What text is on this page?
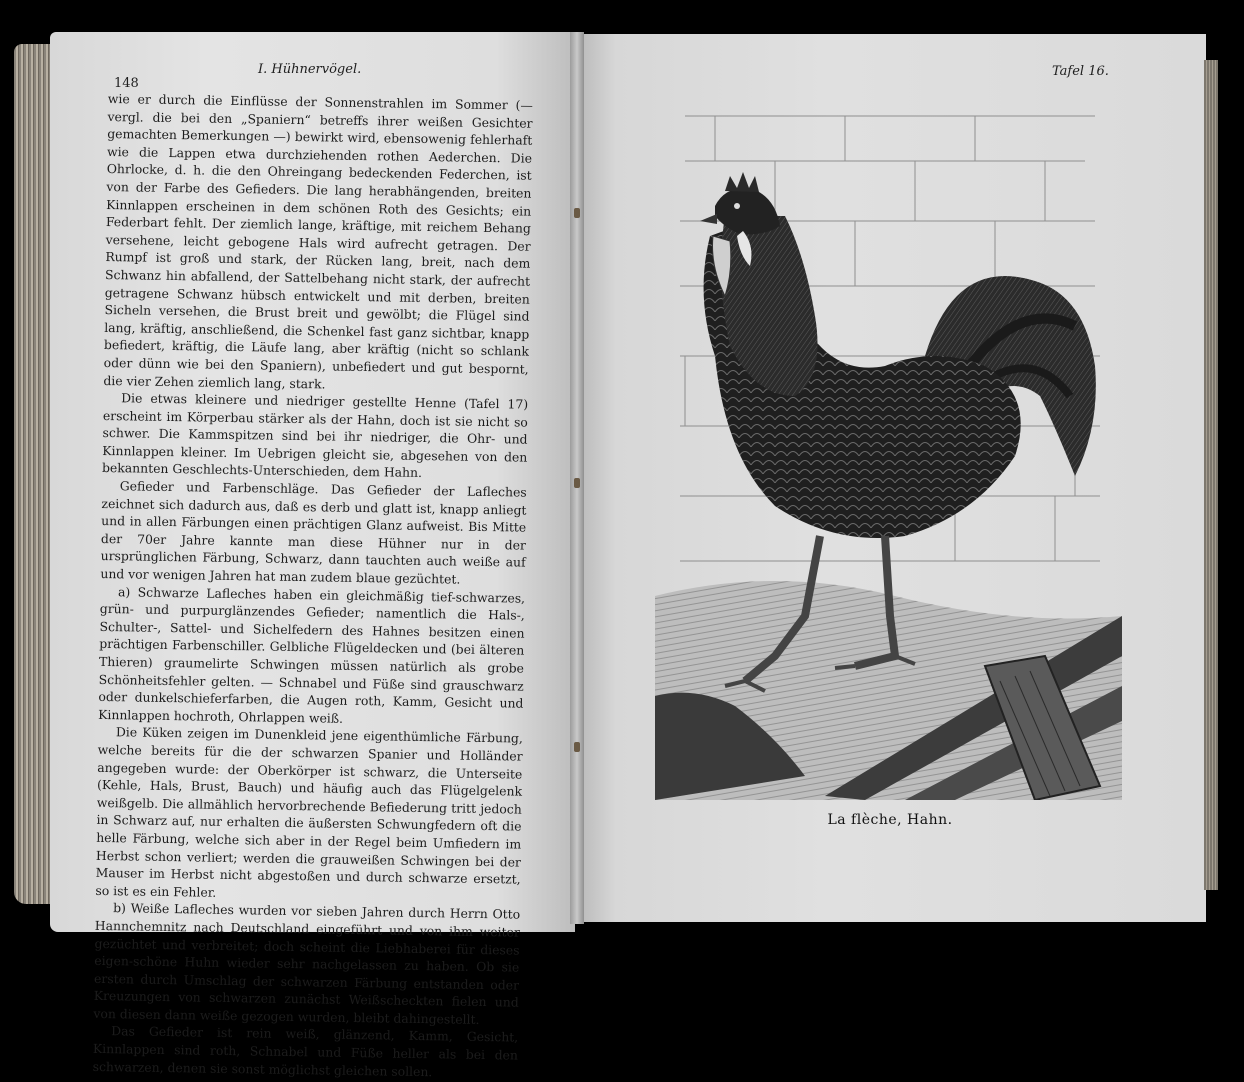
148
I. Hühnervögel.

wie er durch die Einflüsse der Sonnenstrahlen im Sommer (— vergl. die bei den „Spaniern“ betreffs ihrer weißen Gesichter gemachten Bemerkungen —) bewirkt wird, ebensowenig fehlerhaft wie die Lappen etwa durchziehenden rothen Aederchen. Die Ohrlocke, d. h. die den Ohreingang bedeckenden Federchen, ist von der Farbe des Gefieders. Die lang herabhängenden, breiten Kinnlappen erscheinen in dem schönen Roth des Gesichts; ein Federbart fehlt. Der ziemlich lange, kräftige, mit reichem Behang versehene, leicht gebogene Hals wird aufrecht getragen. Der Rumpf ist groß und stark, der Rücken lang, breit, nach dem Schwanz hin abfallend, der Sattelbehang nicht stark, der aufrecht getragene Schwanz hübsch entwickelt und mit derben, breiten Sicheln versehen, die Brust breit und gewölbt; die Flügel sind lang, kräftig, anschließend, die Schenkel fast ganz sichtbar, knapp befiedert, kräftig, die Läufe lang, aber kräftig (nicht so schlank oder dünn wie bei den Spaniern), unbefiedert und gut bespornt, die vier Zehen ziemlich lang, stark.

Die etwas kleinere und niedriger gestellte Henne (Tafel 17) erscheint im Körperbau stärker als der Hahn, doch ist sie nicht so schwer. Die Kammspitzen sind bei ihr niedriger, die Ohr- und Kinnlappen kleiner. Im Uebrigen gleicht sie, abgesehen von den bekannten Geschlechts-Unterschieden, dem Hahn.

Gefieder und Farbenschläge. Das Gefieder der Lafleches zeichnet sich dadurch aus, daß es derb und glatt ist, knapp anliegt und in allen Färbungen einen prächtigen Glanz aufweist. Bis Mitte der 70er Jahre kannte man diese Hühner nur in der ursprünglichen Färbung, Schwarz, dann tauchten auch weiße auf und vor wenigen Jahren hat man zudem blaue gezüchtet.

a) Schwarze Lafleches haben ein gleichmäßig tief-schwarzes, grün- und purpurglänzendes Gefieder; namentlich die Hals-, Schulter-, Sattel- und Sichelfedern des Hahnes besitzen einen prächtigen Farbenschiller. Gelbliche Flügeldecken und (bei älteren Thieren) graumelirte Schwingen müssen natürlich als grobe Schönheitsfehler gelten. — Schnabel und Füße sind grauschwarz oder dunkelschieferfarben, die Augen roth, Kamm, Gesicht und Kinnlappen hochroth, Ohrlappen weiß.

Die Küken zeigen im Dunenkleid jene eigenthümliche Färbung, welche bereits für die der schwarzen Spanier und Holländer angegeben wurde: der Oberkörper ist schwarz, die Unterseite (Kehle, Hals, Brust, Bauch) und häufig auch das Flügelgelenk weißgelb. Die allmählich hervorbrechende Befiederung tritt jedoch in Schwarz auf, nur erhalten die äußersten Schwungfedern oft die helle Färbung, welche sich aber in der Regel beim Umfiedern im Herbst schon verliert; werden die grauweißen Schwingen bei der Mauser im Herbst nicht abgestoßen und durch schwarze ersetzt, so ist es ein Fehler.

b) Weiße Lafleches wurden vor sieben Jahren durch Herrn Otto Hannchemnitz nach Deutschland eingeführt und von ihm weiter gezüchtet und verbreitet; doch scheint die Liebhaberei für dieses eigen-schöne Huhn wieder sehr nachgelassen zu haben. Ob sie ersten durch Umschlag der schwarzen Färbung entstanden oder Kreuzungen von schwarzen zunächst Weißscheckten fielen und von diesen dann weiße gezogen wurden, bleibt dahingestellt.

Das Gefieder ist rein weiß, glänzend, Kamm, Gesicht, Kinnlappen sind roth, Schnabel und Füße heller als bei den schwarzen, denen sie sonst möglichst gleichen sollen.

Tafel 16.
La flèche, Hahn.
